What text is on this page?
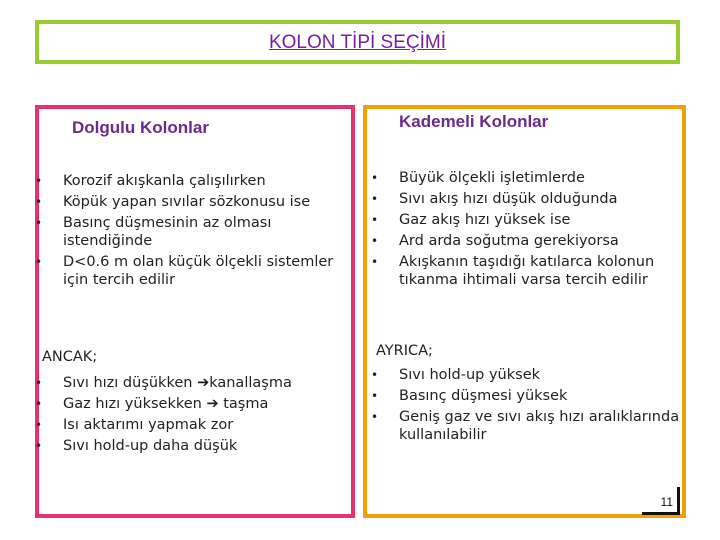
KOLON TİPİ SEÇİMİ
Dolgulu Kolonlar
• Korozif akışkanla çalışılırken
• Köpük yapan sıvılar sözkonusu ise
• Basınç düşmesinin az olması istendiğinde
• D<0.6 m olan küçük ölçekli sistemler için tercih edilir
ANCAK;
• Sıvı hızı düşükken ➔kanallaşma
• Gaz hızı yüksekken ➔ taşma
• Isı aktarımı yapmak zor
• Sıvı hold-up daha düşük
Kademeli Kolonlar
• Büyük ölçekli işletimlerde
• Sıvı akış hızı düşük olduğunda
• Gaz akış hızı yüksek ise
• Ard arda soğutma gerekiyorsa
• Akışkanın taşıdığı katılarca kolonun tıkanma ihtimali varsa tercih edilir
AYRICA;
• Sıvı hold-up yüksek
• Basınç düşmesi yüksek
• Geniş gaz ve sıvı akış hızı aralıklarında kullanılabilir
11
